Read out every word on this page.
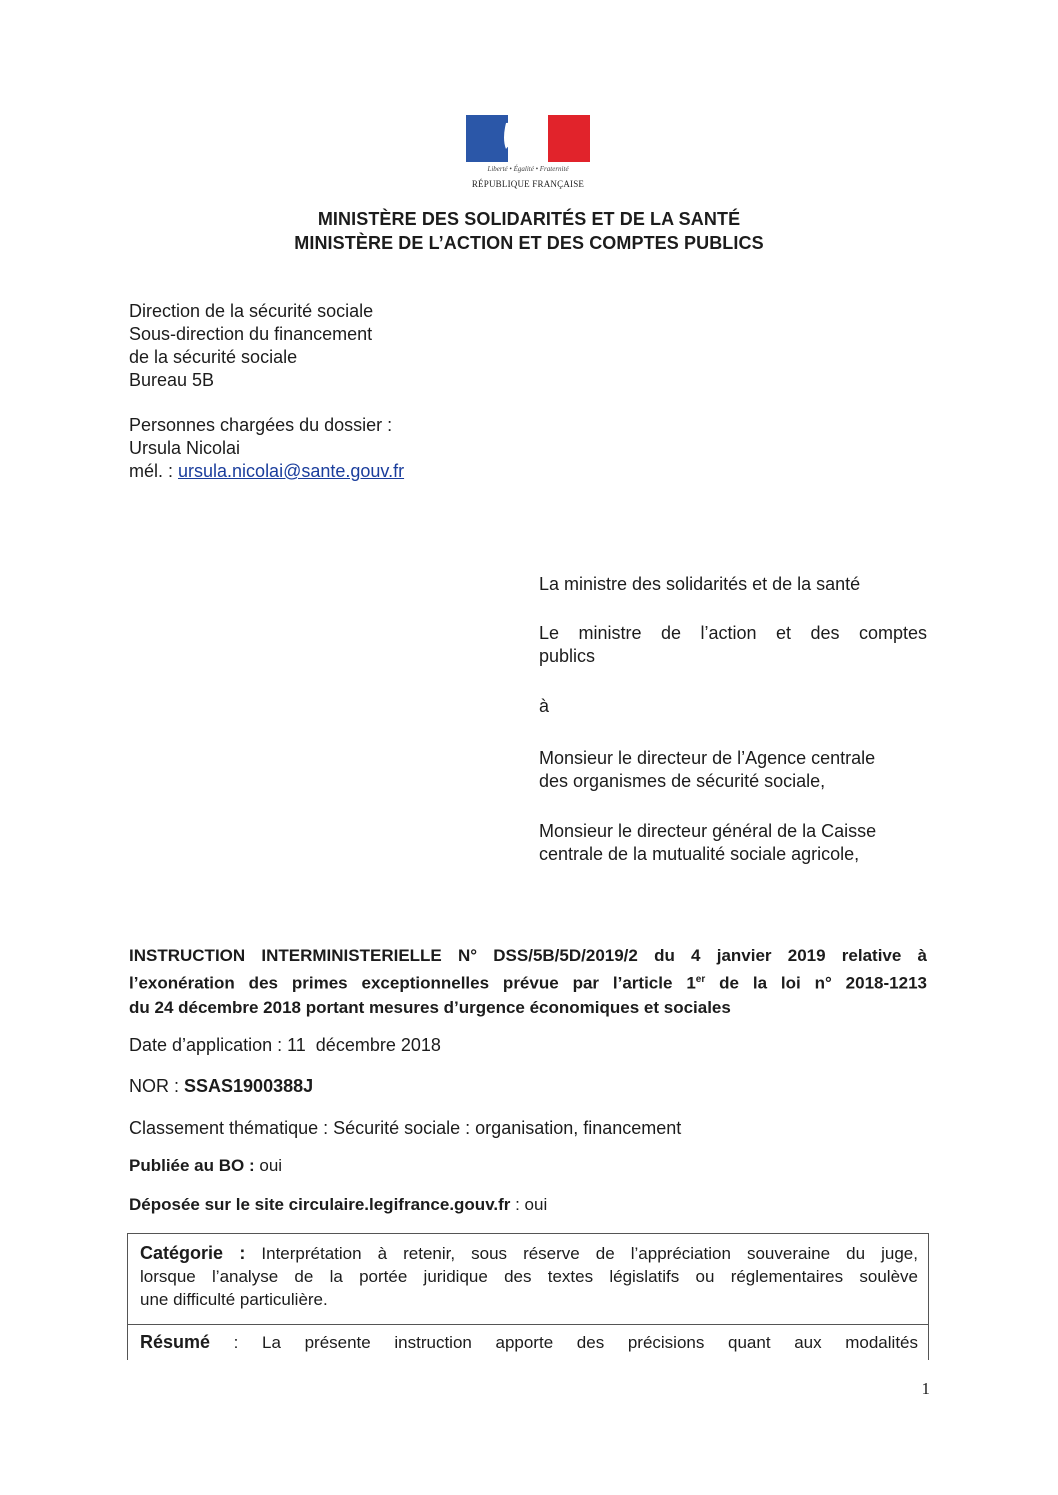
Liberté • Égalité • Fraternité
RÉPUBLIQUE FRANÇAISE
MINISTÈRE DES SOLIDARITÉS ET DE LA SANTÉ
MINISTÈRE DE L’ACTION ET DES COMPTES PUBLICS
Direction de la sécurité sociale
Sous-direction du financement
de la sécurité sociale
Bureau 5B
Personnes chargées du dossier :
Ursula Nicolai
mél. : ursula.nicolai@sante.gouv.fr
La ministre des solidarités et de la santé
Le ministre de l’action et des comptes
publics
à
Monsieur le directeur de l’Agence centrale
des organismes de sécurité sociale,
Monsieur le directeur général de la Caisse
centrale de la mutualité sociale agricole,
INSTRUCTION INTERMINISTERIELLE N° DSS/5B/5D/2019/2 du 4 janvier 2019 relative à
l’exonération des primes exceptionnelles prévue par l’article 1er de la loi n° 2018-1213
du 24 décembre 2018 portant mesures d’urgence économiques et sociales
Date d’application : 11  décembre 2018
NOR : SSAS1900388J
Classement thématique : Sécurité sociale : organisation, financement
Publiée au BO : oui
Déposée sur le site circulaire.legifrance.gouv.fr : oui
Catégorie : Interprétation à retenir, sous réserve de l’appréciation souveraine du juge,
lorsque l’analyse de la portée juridique des textes législatifs ou réglementaires soulève
une difficulté particulière.
Résumé : La présente instruction apporte des précisions quant aux modalités
1
